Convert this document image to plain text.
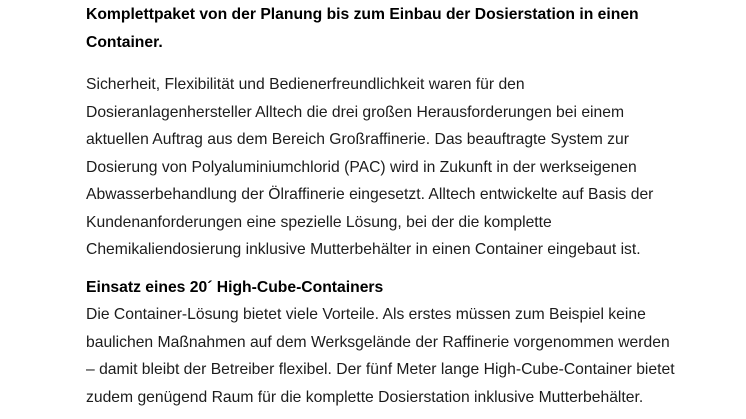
Komplettpaket von der Planung bis zum Einbau der Dosierstation in einen
Container.
Sicherheit, Flexibilität und Bedienerfreundlichkeit waren für den
Dosieranlagenhersteller Alltech die drei großen Herausforderungen bei einem
aktuellen Auftrag aus dem Bereich Großraffinerie. Das beauftragte System zur
Dosierung von Polyaluminiumchlorid (PAC) wird in Zukunft in der werkseigenen
Abwasserbehandlung der Ölraffinerie eingesetzt. Alltech entwickelte auf Basis der
Kundenanforderungen eine spezielle Lösung, bei der die komplette
Chemikaliendosierung inklusive Mutterbehälter in einen Container eingebaut ist.
Einsatz eines 20´ High-Cube-Containers
Die Container-Lösung bietet viele Vorteile. Als erstes müssen zum Beispiel keine
baulichen Maßnahmen auf dem Werksgelände der Raffinerie vorgenommen werden
– damit bleibt der Betreiber flexibel. Der fünf Meter lange High-Cube-Container bietet
zudem genügend Raum für die komplette Dosierstation inklusive Mutterbehälter.
